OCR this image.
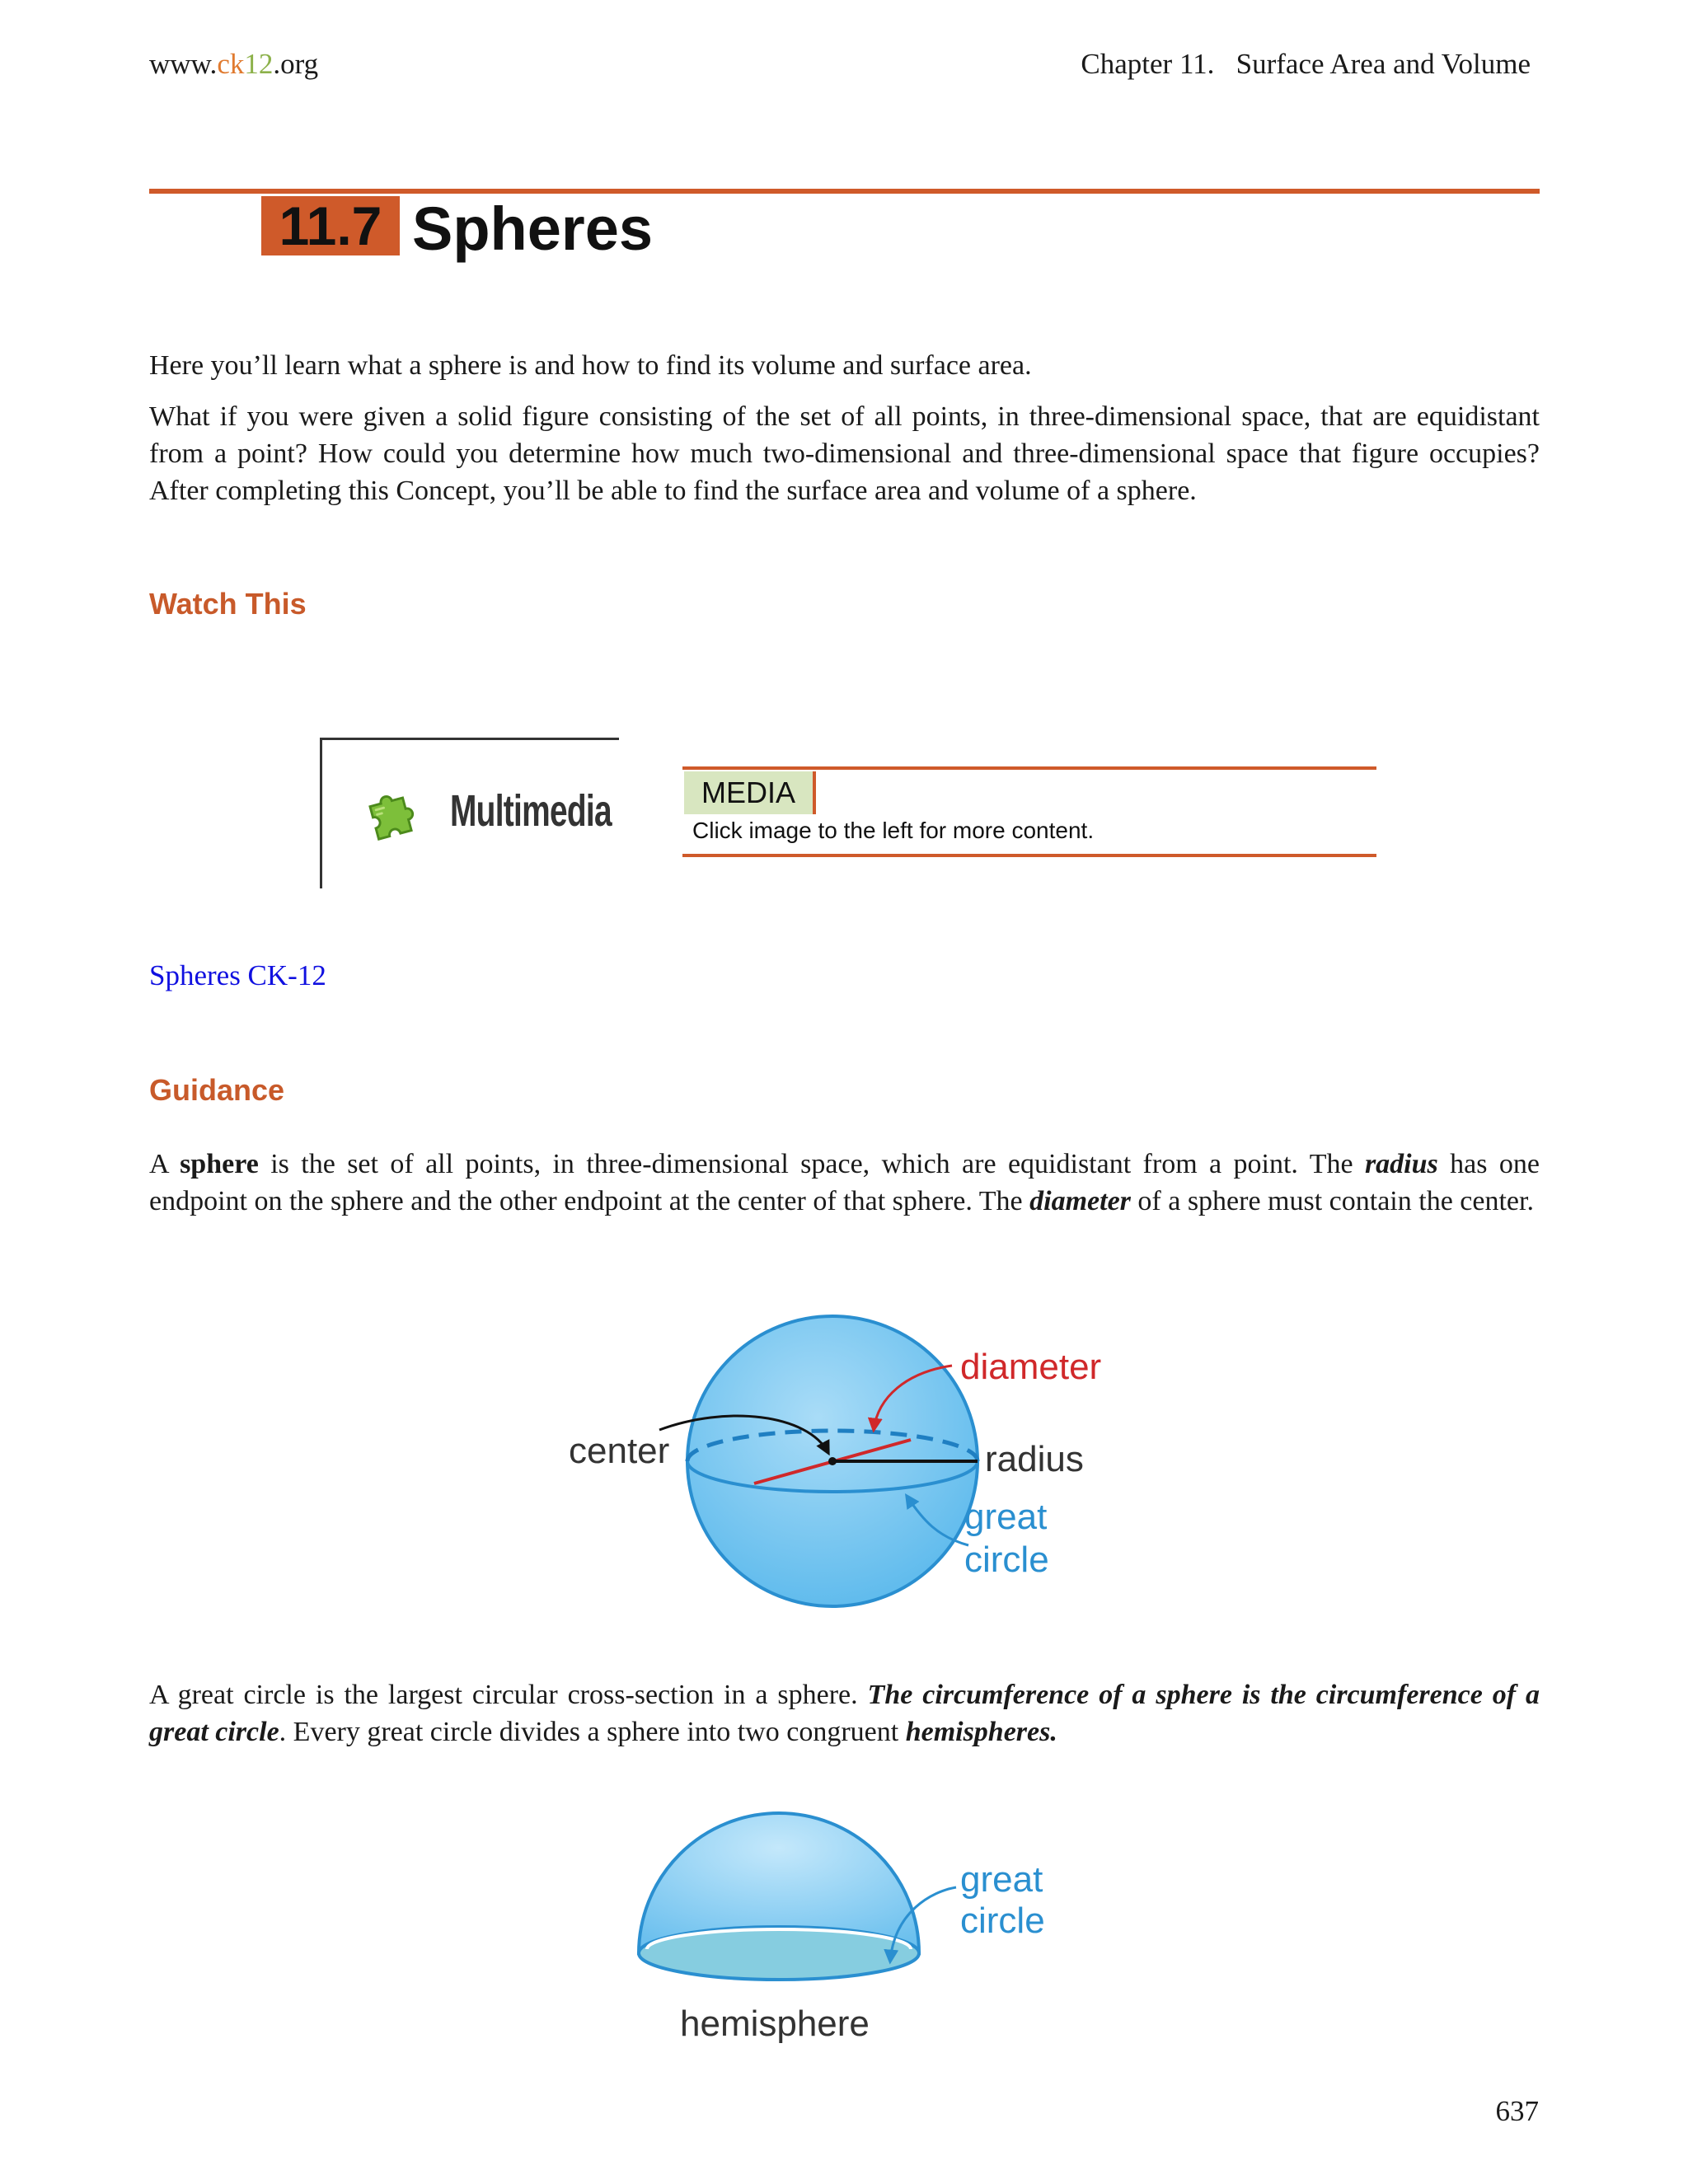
www.ck12.org	Chapter 11.   Surface Area and Volume
11.7 Spheres
Here you’ll learn what a sphere is and how to find its volume and surface area.
What if you were given a solid figure consisting of the set of all points, in three-dimensional space, that are equidistant from a point? How could you determine how much two-dimensional and three-dimensional space that figure occupies? After completing this Concept, you’ll be able to find the surface area and volume of a sphere.
Watch This
Multimedia	MEDIA
Click image to the left for more content.
Spheres CK-12
Guidance
A sphere is the set of all points, in three-dimensional space, which are equidistant from a point. The radius has one endpoint on the sphere and the other endpoint at the center of that sphere. The diameter of a sphere must contain the center.
center
diameter
radius
great
circle
A great circle is the largest circular cross-section in a sphere. The circumference of a sphere is the circumference of a great circle. Every great circle divides a sphere into two congruent hemispheres.
great
circle
hemisphere
637
